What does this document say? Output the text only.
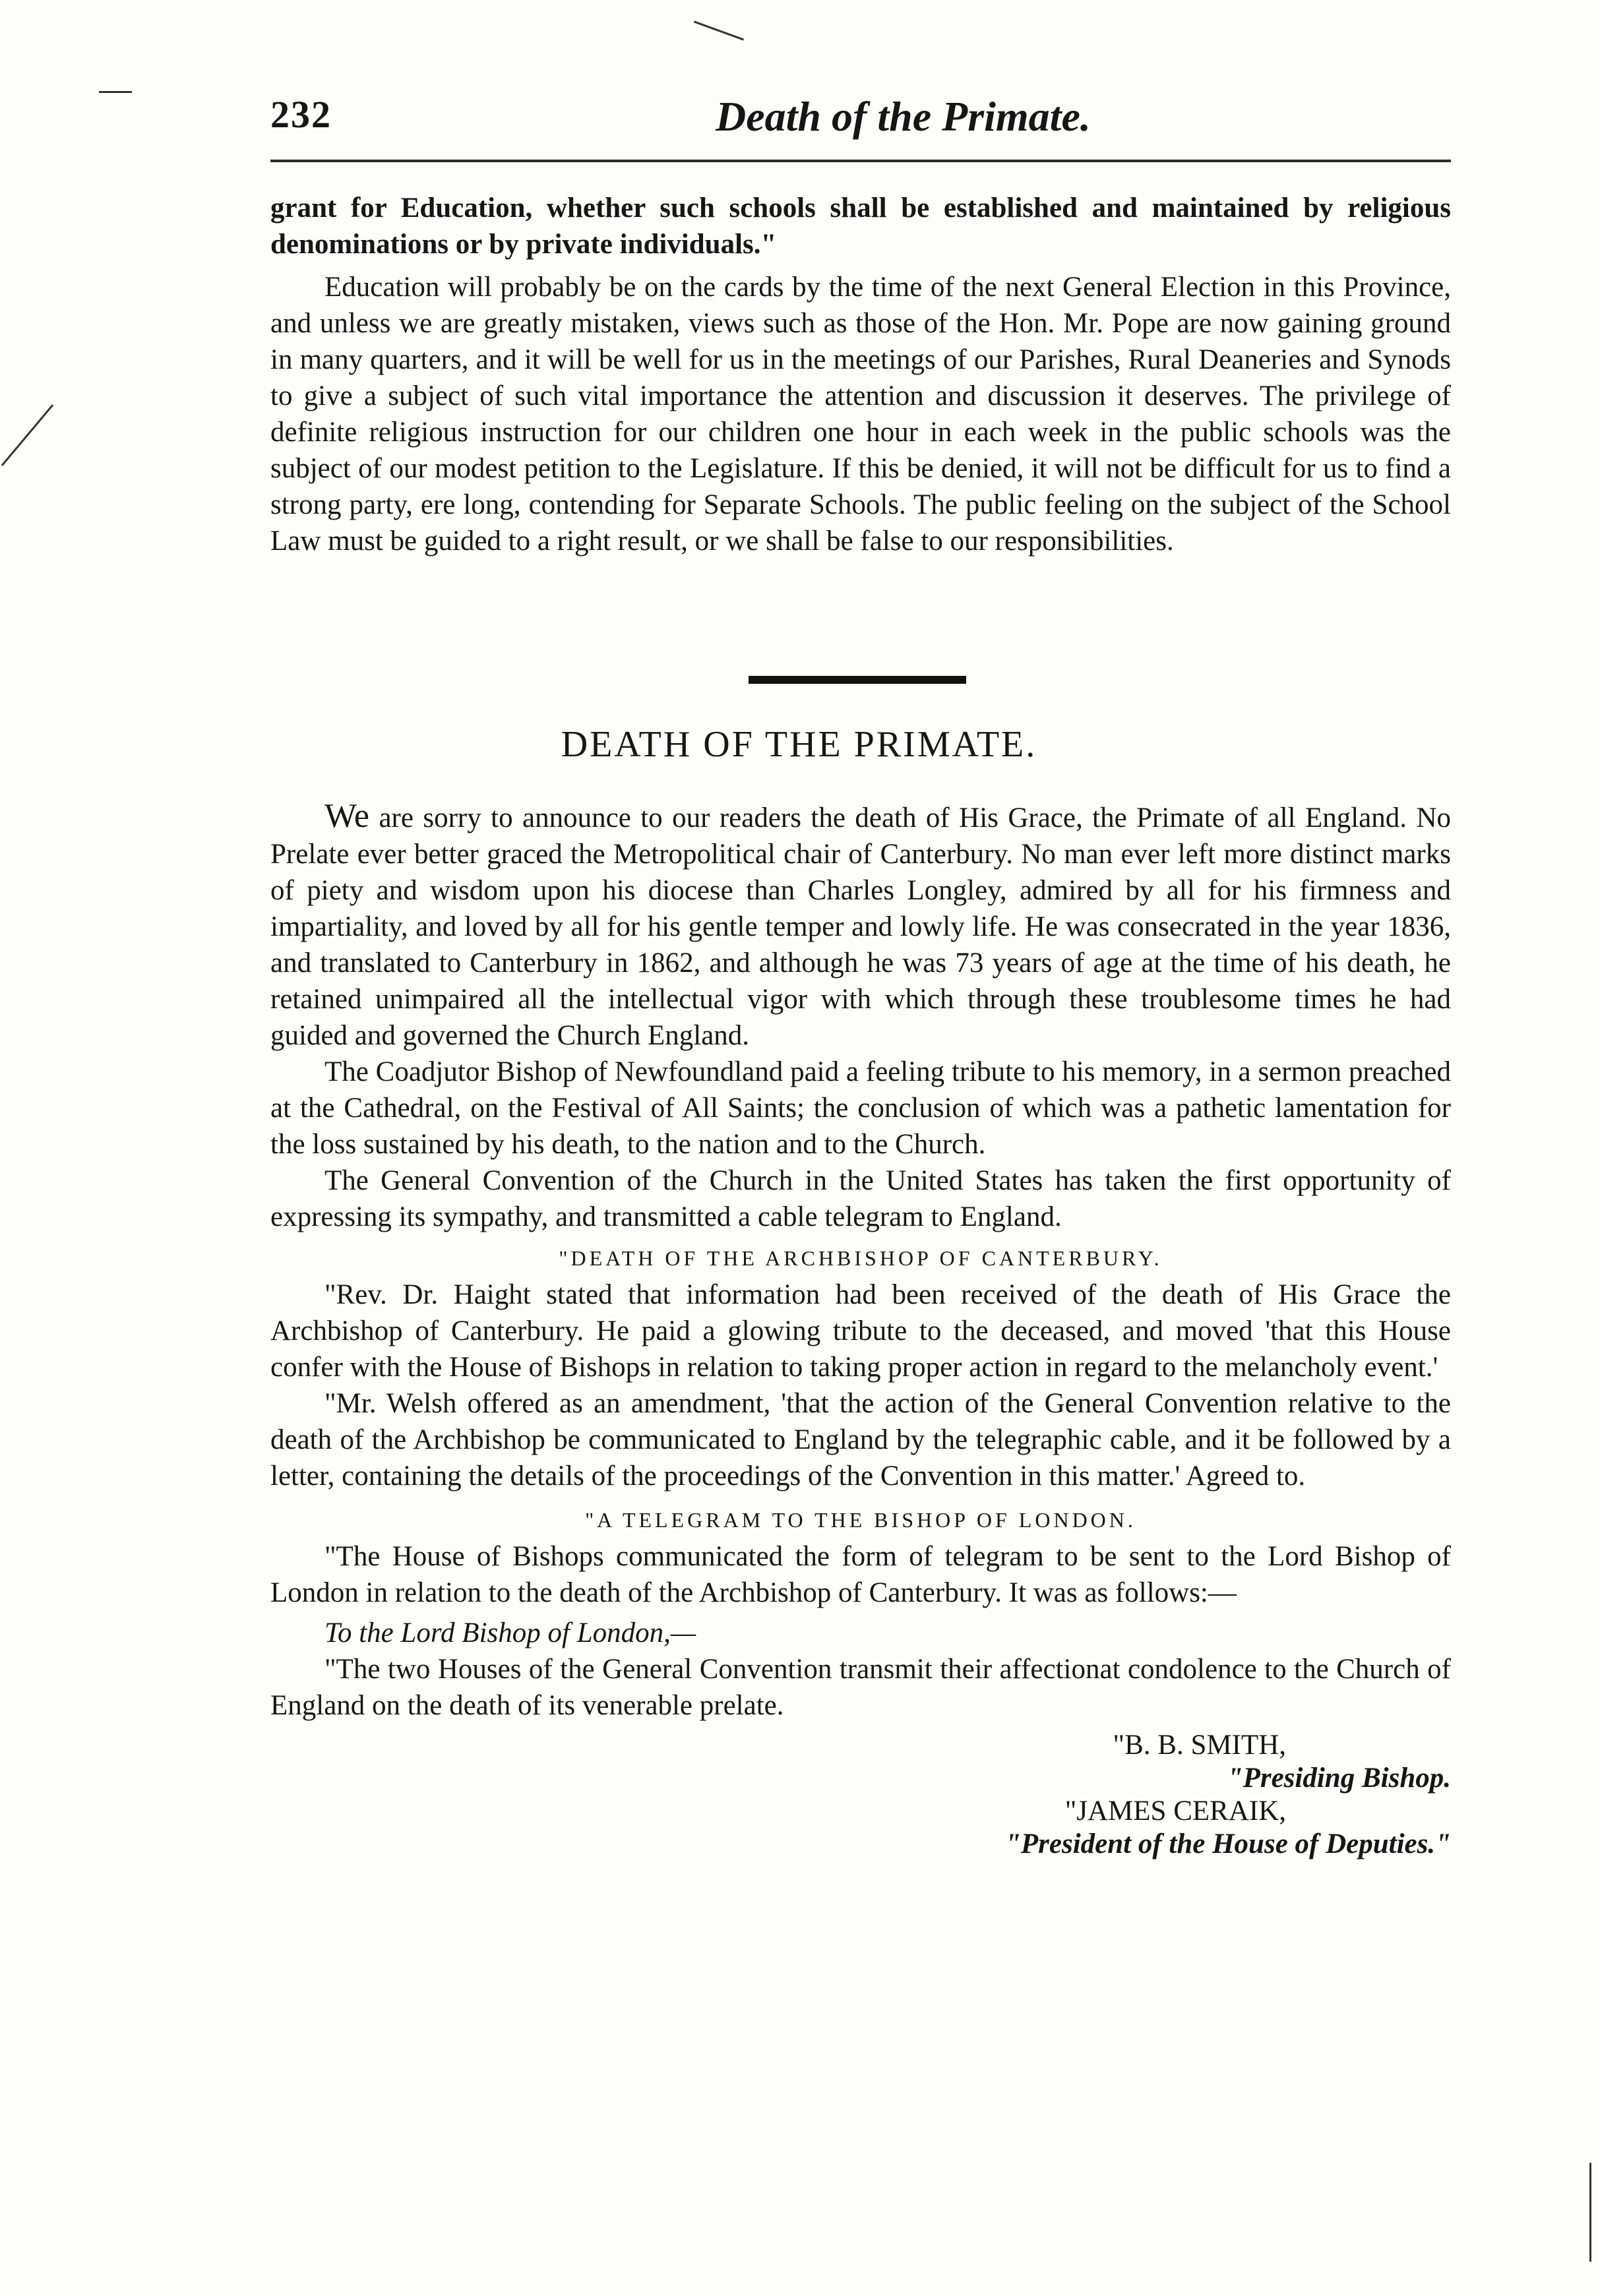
232	Death of the Primate.

grant for Education, whether such schools shall be established and maintained by religious denominations or by private individuals."

Education will probably be on the cards by the time of the next General Election in this Province, and unless we are greatly mistaken, views such as those of the Hon. Mr. Pope are now gaining ground in many quarters, and it will be well for us in the meetings of our Parishes, Rural Deaneries and Synods to give a subject of such vital importance the attention and discussion it deserves. The privilege of definite religious instruction for our children one hour in each week in the public schools was the subject of our modest petition to the Legislature. If this be denied, it will not be difficult for us to find a strong party, ere long, contending for Separate Schools. The public feeling on the subject of the School Law must be guided to a right result, or we shall be false to our responsibilities.

DEATH OF THE PRIMATE.

We are sorry to announce to our readers the death of His Grace, the Primate of all England. No Prelate ever better graced the Metropolitical chair of Canterbury. No man ever left more distinct marks of piety and wisdom upon his diocese than Charles Longley, admired by all for his firmness and impartiality, and loved by all for his gentle temper and lowly life. He was consecrated in the year 1836, and translated to Canterbury in 1862, and although he was 73 years of age at the time of his death, he retained unimpaired all the intellectual vigor with which through these troublesome times he had guided and governed the Church England.

The Coadjutor Bishop of Newfoundland paid a feeling tribute to his memory, in a sermon preached at the Cathedral, on the Festival of All Saints; the conclusion of which was a pathetic lamentation for the loss sustained by his death, to the nation and to the Church.

The General Convention of the Church in the United States has taken the first opportunity of expressing its sympathy, and transmitted a cable telegram to England.

"DEATH OF THE ARCHBISHOP OF CANTERBURY.

"Rev. Dr. Haight stated that information had been received of the death of His Grace the Archbishop of Canterbury. He paid a glowing tribute to the deceased, and moved 'that this House confer with the House of Bishops in relation to taking proper action in regard to the melancholy event.'

"Mr. Welsh offered as an amendment, 'that the action of the General Convention relative to the death of the Archbishop be communicated to England by the telegraphic cable, and it be followed by a letter, containing the details of the proceedings of the Convention in this matter.' Agreed to.

"A TELEGRAM TO THE BISHOP OF LONDON.

"The House of Bishops communicated the form of telegram to be sent to the Lord Bishop of London in relation to the death of the Archbishop of Canterbury. It was as follows:—

To the Lord Bishop of London,—

"The two Houses of the General Convention transmit their affectionat condolence to the Church of England on the death of its venerable prelate.

"B. B. SMITH,

"Presiding Bishop.

"JAMES CERAIK,

"President of the House of Deputies."
